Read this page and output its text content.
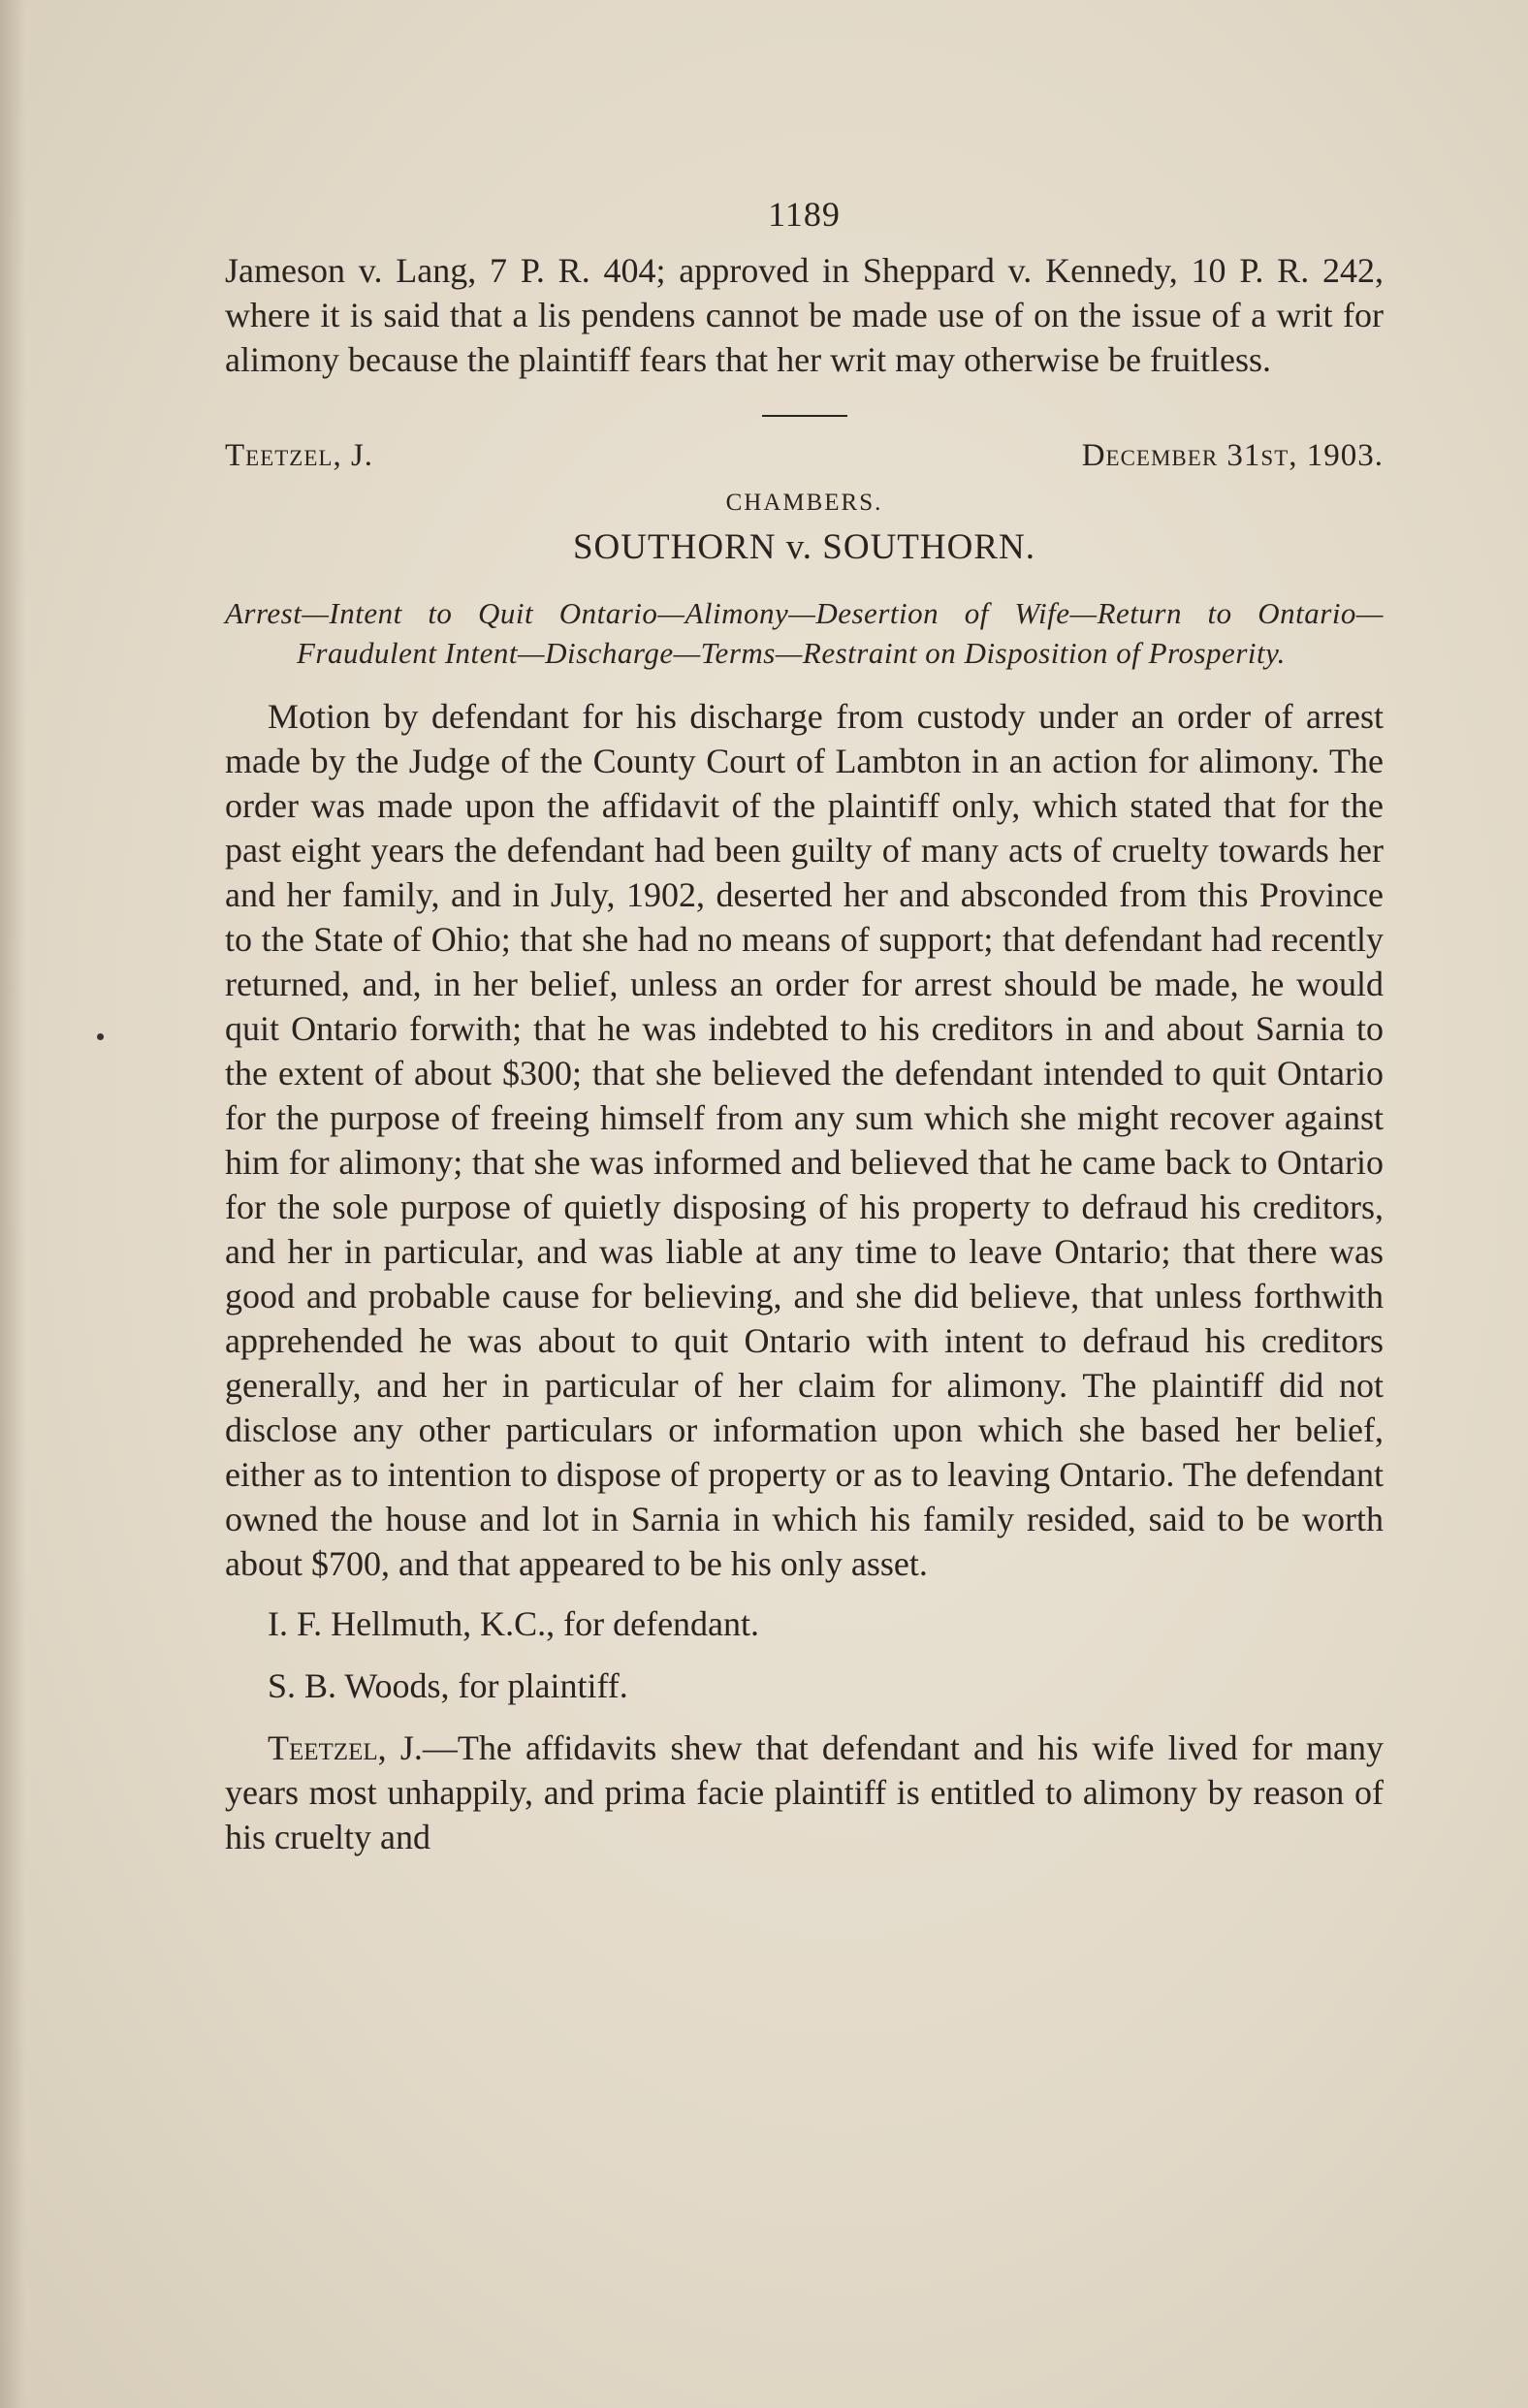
1189

Jameson v. Lang, 7 P. R. 404; approved in Sheppard v. Kennedy, 10 P. R. 242, where it is said that a lis pendens cannot be made use of on the issue of a writ for alimony because the plaintiff fears that her writ may otherwise be fruitless.

Teetzel, J.	December 31st, 1903.
CHAMBERS.
SOUTHORN v. SOUTHORN.

Arrest—Intent to Quit Ontario—Alimony—Desertion of Wife—Return to Ontario—Fraudulent Intent—Discharge—Terms—Restraint on Disposition of Prosperity.

Motion by defendant for his discharge from custody under an order of arrest made by the Judge of the County Court of Lambton in an action for alimony. The order was made upon the affidavit of the plaintiff only, which stated that for the past eight years the defendant had been guilty of many acts of cruelty towards her and her family, and in July, 1902, deserted her and absconded from this Province to the State of Ohio; that she had no means of support; that defendant had recently returned, and, in her belief, unless an order for arrest should be made, he would quit Ontario forwith; that he was indebted to his creditors in and about Sarnia to the extent of about $300; that she believed the defendant intended to quit Ontario for the purpose of freeing himself from any sum which she might recover against him for alimony; that she was informed and believed that he came back to Ontario for the sole purpose of quietly disposing of his property to defraud his creditors, and her in particular, and was liable at any time to leave Ontario; that there was good and probable cause for believing, and she did believe, that unless forthwith apprehended he was about to quit Ontario with intent to defraud his creditors generally, and her in particular of her claim for alimony. The plaintiff did not disclose any other particulars or information upon which she based her belief, either as to intention to dispose of property or as to leaving Ontario. The defendant owned the house and lot in Sarnia in which his family resided, said to be worth about $700, and that appeared to be his only asset.

I. F. Hellmuth, K.C., for defendant.

S. B. Woods, for plaintiff.

Teetzel, J.—The affidavits shew that defendant and his wife lived for many years most unhappily, and prima facie plaintiff is entitled to alimony by reason of his cruelty and
